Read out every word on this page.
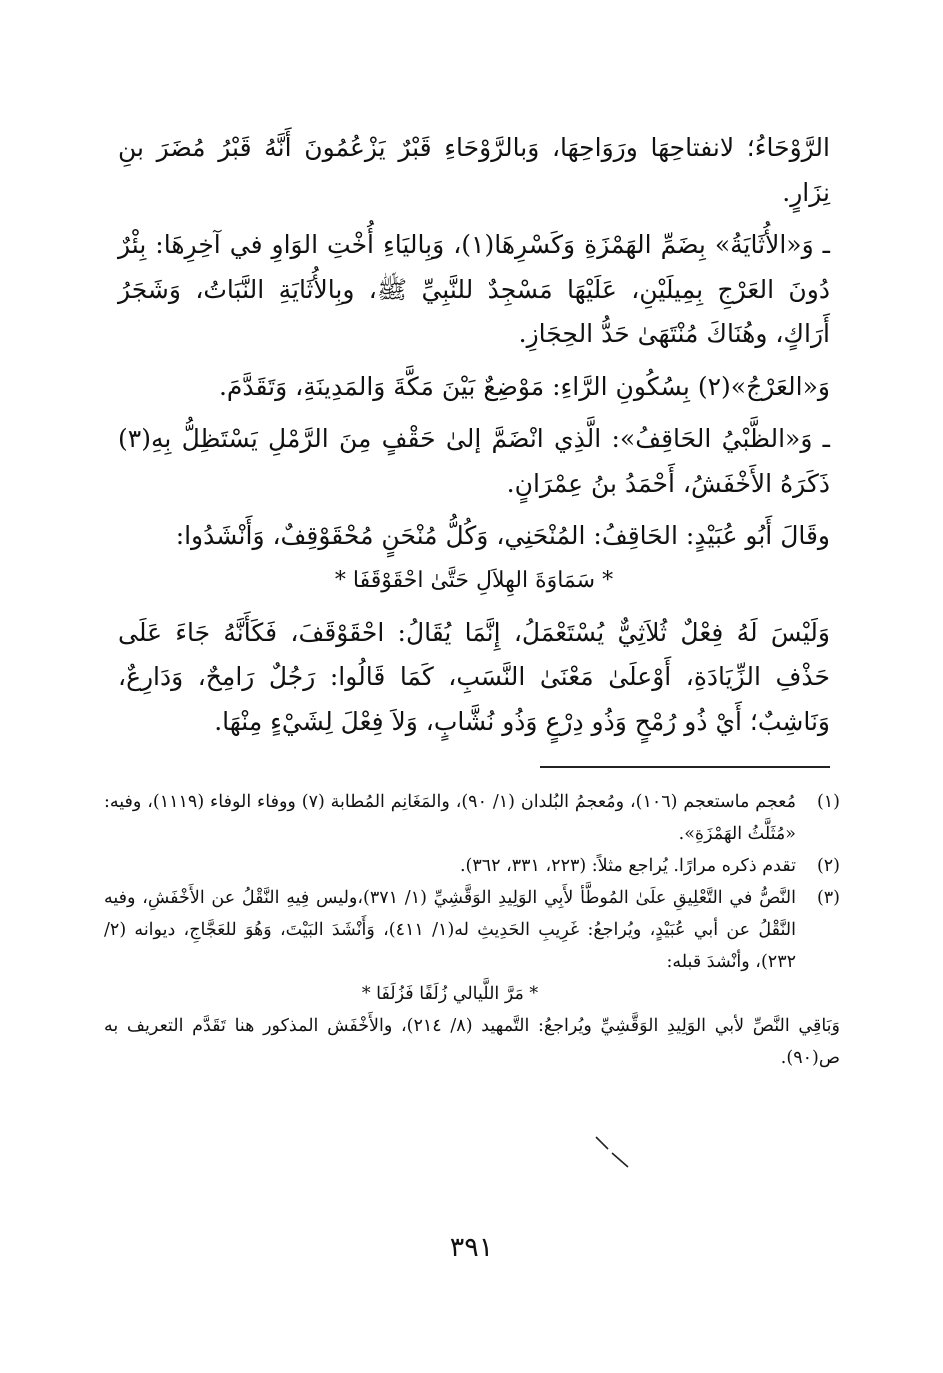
الرَّوْحَاءُ؛ لانفتاحِهَا ورَوَاحِهَا، وَبالرَّوْحَاءِ قَبْرٌ يَزْعُمُونَ أَنَّهُ قَبْرُ مُضَرَ بنِ نِزَارٍ.

ـ وَ«الأُثَايَةُ» بِضَمِّ الهَمْزَةِ وَكَسْرِهَا(١)، وَبِاليَاءِ أُخْتِ الوَاوِ في آخِرِهَا: بِئْرٌ دُونَ العَرْجِ بِمِيلَيْنِ، عَلَيْهَا مَسْجِدٌ للنَّبِيِّ ﷺ، وبِالأُثَايَةِ النَّبَاتُ، وَشَجَرُ أَرَاكٍ، وهُنَاكَ مُنْتَهَىٰ حَدُّ الحِجَازِ.

وَ«العَرْجُ»(٢) بِسُكُونِ الرَّاءِ: مَوْضِعٌ بَيْنَ مَكَّةَ وَالمَدِينَةِ، وَتَقَدَّمَ.

ـ وَ«الظَّبْيُ الحَاقِفُ»: الَّذِي انْضَمَّ إلىٰ حَقْفٍ مِنَ الرَّمْلِ يَسْتَظِلُّ بِهِ(٣) ذَكَرَهُ الأَخْفَشُ، أَحْمَدُ بنُ عِمْرَانٍ.

وقَالَ أَبُو عُبَيْدٍ: الحَاقِفُ: المُنْحَنِي، وَكُلُّ مُنْحَنٍ مُحْقَوْقِفٌ، وَأَنْشَدُوا:

* سَمَاوَةَ الهِلاَلِ حَتَّىٰ احْقَوْقَفَا *

وَلَيْسَ لَهُ فِعْلٌ ثُلاَثِيٌّ يُسْتَعْمَلُ، إِنَّمَا يُقَالُ: احْقَوْقَفَ، فَكَأَنَّهُ جَاءَ عَلَى حَذْفِ الزِّيَادَةِ، أَوْعلَىٰ مَعْنَىٰ النَّسَبِ، كَمَا قَالُوا: رَجُلٌ رَامِحٌ، وَدَارِعٌ، وَنَاشِبٌ؛ أَيْ ذُو رُمْحٍ وَذُو دِرْعٍ وَذُو نُشَّابٍ، وَلاَ فِعْلَ لِشَيْءٍ مِنْهَا.

(١)
مُعجم ماستعجم (١٠٦)، ومُعجمُ البُلدان (١/ ٩٠)، والمَغَانِم المُطابة (٧) ووفاء الوفاء (١١١٩)، وفيه: «مُثَلَّثُ الهَمْزَةِ».
(٢)
تقدم ذكره مرارًا. يُراجع مثلاً: (٢٢٣، ٣٣١، ٣٦٢).
(٣)
النَّصُّ في التَّعْلِيقِ علَىٰ المُوطَّأ لأَبِي الوَلِيدِ الوَقَّشِيِّ (١/ ٣٧١)،وليس فِيهِ النَّقْلُ عن الأَخْفَشِ، وفيه النَّقْلُ عن أبي عُبَيْدٍ، ويُراجعُ: غَرِيبِ الحَدِيثِ له(١/ ٤١١)، وَأَنْشَدَ البَيْتَ، وَهُوَ للعَجَّاجِ، ديوانه (٢/ ٢٣٢)، وأنْشدَ قبله:

* مَرَّ اللَّيالي زُلَفًا فَزُلَفَا *

وَبَاقِي النَّصِّ لأبي الوَلِيدِ الوَقَّشِيِّ ويُراجعُ: التَّمهيد (٨/ ٢١٤)، والأَخْفَش المذكور هنا تَقَدَّم التعريف به ص(٩٠).

٣٩١
